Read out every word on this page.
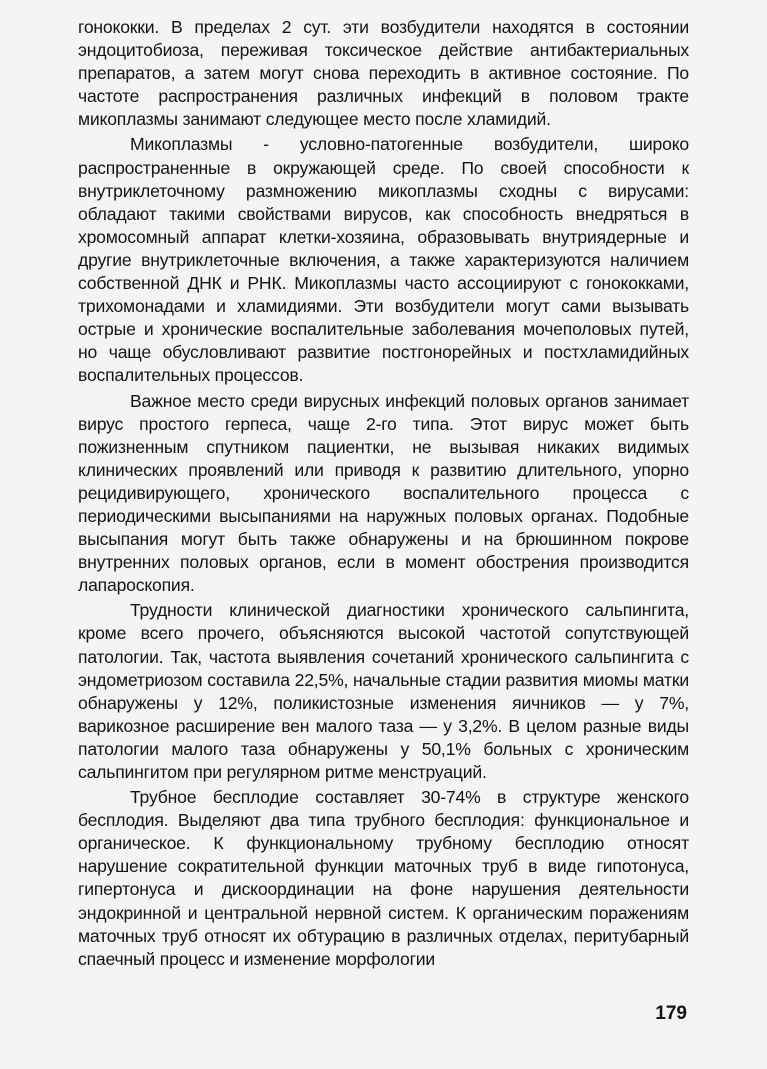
гонококки. В пределах 2 сут. эти возбудители находятся в состоянии эндоцитобиоза, переживая токсическое действие антибактериальных препаратов, а затем могут снова переходить в активное состояние. По частоте распространения различных инфекций в половом тракте микоплазмы занимают следующее место после хламидий.

Микоплазмы - условно-патогенные возбудители, широко распространенные в окружающей среде. По своей способности к внутриклеточному размножению микоплазмы сходны с вирусами: обладают такими свойствами вирусов, как способность внедряться в хромосомный аппарат клетки-хозяина, образовывать внутриядерные и другие внутриклеточные включения, а также характеризуются наличием собственной ДНК и РНК. Микоплазмы часто ассоциируют с гонококками, трихомонадами и хламидиями. Эти возбудители могут сами вызывать острые и хронические воспалительные заболевания мочеполовых путей, но чаще обусловливают развитие постгонорейных и постхламидийных воспалительных процессов.

Важное место среди вирусных инфекций половых органов занимает вирус простого герпеса, чаще 2-го типа. Этот вирус может быть пожизненным спутником пациентки, не вызывая никаких видимых клинических проявлений или приводя к развитию длительного, упорно рецидивирующего, хронического воспалительного процесса с периодическими высыпаниями на наружных половых органах. Подобные высыпания могут быть также обнаружены и на брюшинном покрове внутренних половых органов, если в момент обострения производится лапароскопия.

Трудности клинической диагностики хронического сальпингита, кроме всего прочего, объясняются высокой частотой сопутствующей патологии. Так, частота выявления сочетаний хронического сальпингита с эндометриозом составила 22,5%, начальные стадии развития миомы матки обнаружены у 12%, поликистозные изменения яичников — у 7%, варикозное расширение вен малого таза — у 3,2%. В целом разные виды патологии малого таза обнаружены у 50,1% больных с хроническим сальпингитом при регулярном ритме менструаций.

Трубное бесплодие составляет 30-74% в структуре женского бесплодия. Выделяют два типа трубного бесплодия: функциональное и органическое. К функциональному трубному бесплодию относят нарушение сократительной функции маточных труб в виде гипотонуса, гипертонуса и дискоординации на фоне нарушения деятельности эндокринной и центральной нервной систем. К органическим поражениям маточных труб относят их обтурацию в различных отделах, перитубарный спаечный процесс и изменение морфологии

179
